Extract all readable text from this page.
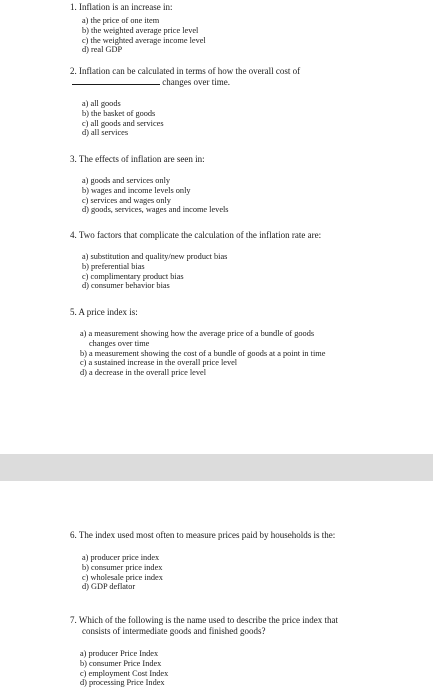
1. Inflation is an increase in:
a) the price of one item
b) the weighted average price level
c) the weighted average income level
d) real GDP
2. Inflation can be calculated in terms of how the overall cost of
changes over time.
a) all goods
b) the basket of goods
c) all goods and services
d) all services
3. The effects of inflation are seen in:
a) goods and services only
b) wages and income levels only
c) services and wages only
d) goods, services, wages and income levels
4. Two factors that complicate the calculation of the inflation rate are:
a) substitution and quality/new product bias
b) preferential bias
c) complimentary product bias
d) consumer behavior bias
5. A price index is:
a) a measurement showing how the average price of a bundle of goods
changes over time
b) a measurement showing the cost of a bundle of goods at a point in time
c) a sustained increase in the overall price level
d) a decrease in the overall price level
6. The index used most often to measure prices paid by households is the:
a) producer price index
b) consumer price index
c) wholesale price index
d) GDP deflator
7. Which of the following is the name used to describe the price index that
consists of intermediate goods and finished goods?
a) producer Price Index
b) consumer Price Index
c) employment Cost Index
d) processing Price Index
